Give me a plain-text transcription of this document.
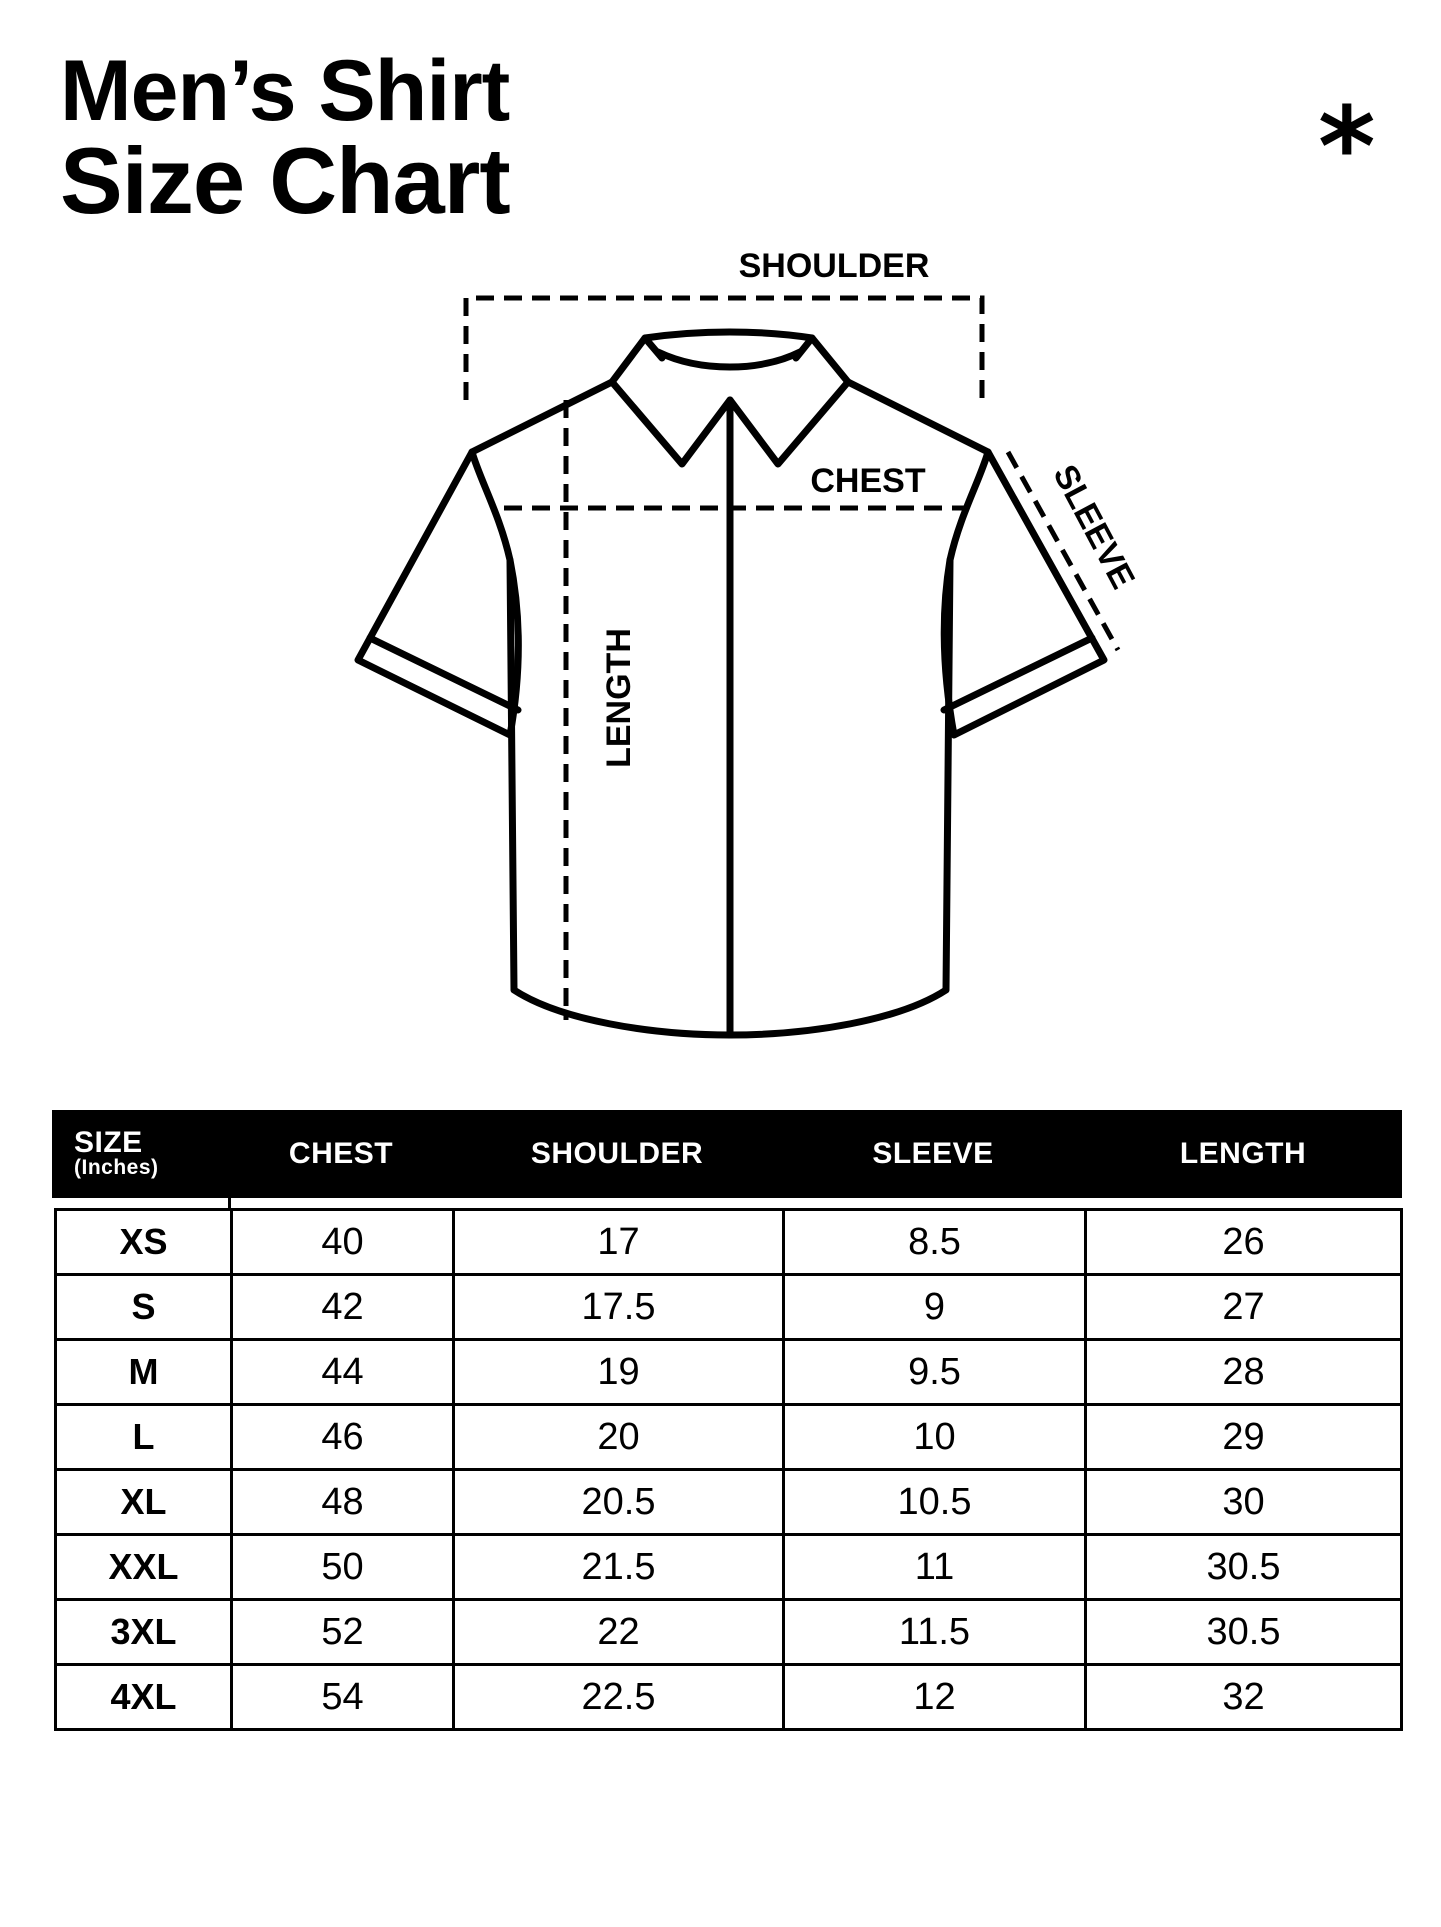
Men’s Shirt
Size Chart	*
SHOULDER
CHEST	SLEEVE
LENGTH
SIZE
(Inches)	CHEST	SHOULDER	SLEEVE	LENGTH
XS	40	17	8.5	26
S	42	17.5	9	27
M	44	19	9.5	28
L	46	20	10	29
XL	48	20.5	10.5	30
XXL	50	21.5	11	30.5
3XL	52	22	11.5	30.5
4XL	54	22.5	12	32
